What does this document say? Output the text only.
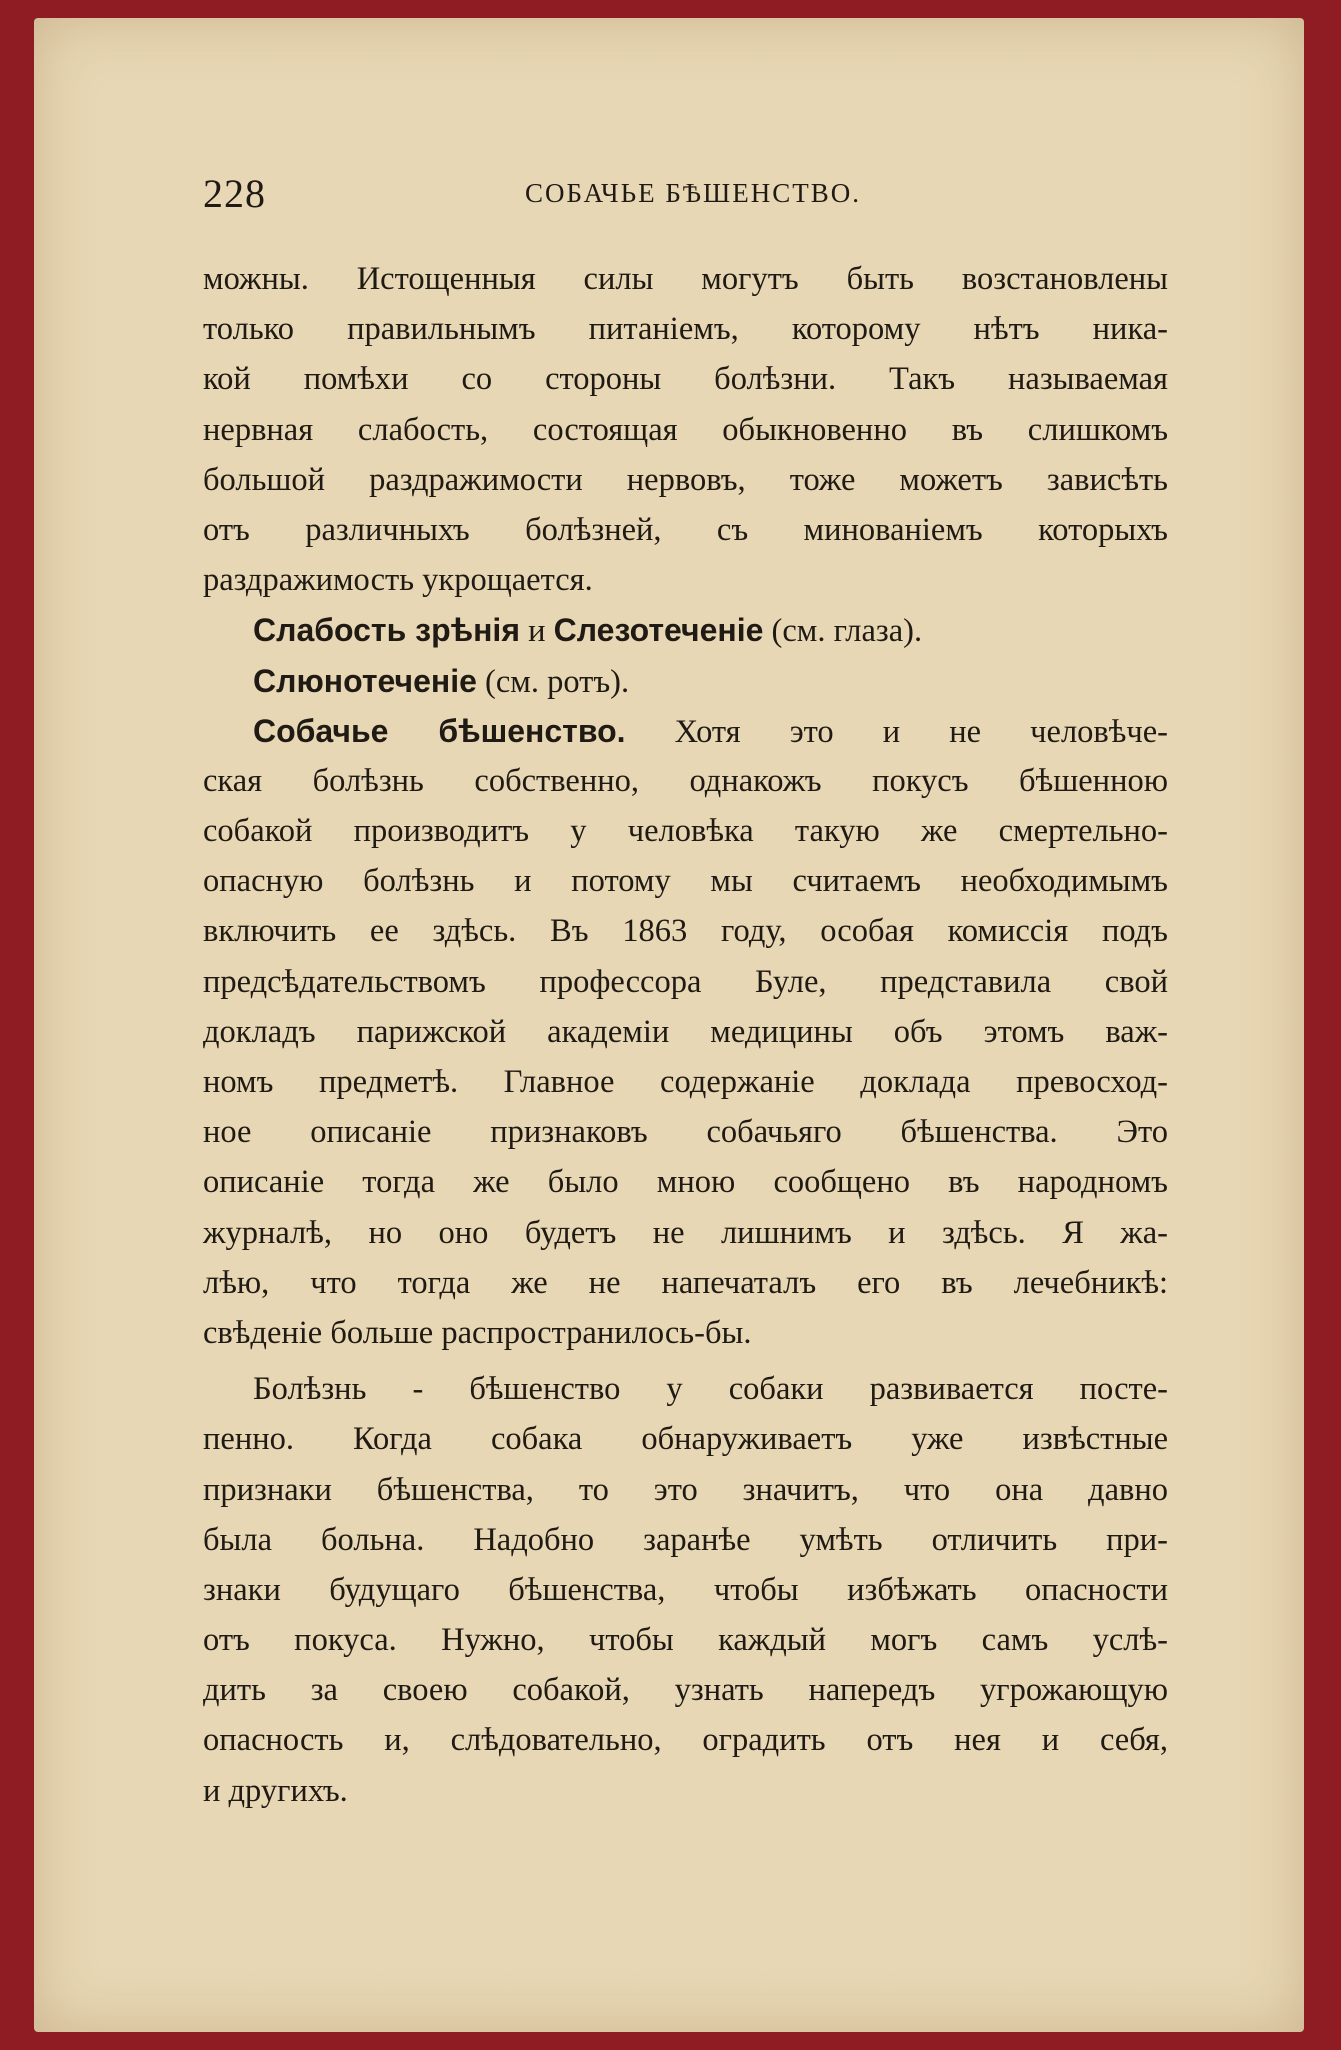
228	СОБАЧЬЕ БѢШЕНСТВО.
можны. Истощенныя силы могутъ быть возстановлены
только правильнымъ питаніемъ, которому нѣтъ ника-
кой помѣхи со стороны болѣзни. Такъ называемая
нервная слабость, состоящая обыкновенно въ слишкомъ
большой раздражимости нервовъ, тоже можетъ зависѣть
отъ различныхъ болѣзней, съ минованіемъ которыхъ
раздражимость укрощается.
Слабость зрѣнія и Слезотеченіе (см. глаза).
Слюнотеченіе (см. ротъ).
Собачье бѣшенство. Хотя это и не человѣче-
ская болѣзнь собственно, однакожъ покусъ бѣшенною
собакой производитъ у человѣка такую же смертельно-
опасную болѣзнь и потому мы считаемъ необходимымъ
включить ее здѣсь. Въ 1863 году, особая комиссія подъ
предсѣдательствомъ профессора Буле, представила свой
докладъ парижской академіи медицины объ этомъ важ-
номъ предметѣ. Главное содержаніе доклада превосход-
ное описаніе признаковъ собачьяго бѣшенства. Это
описаніе тогда же было мною сообщено въ народномъ
журналѣ, но оно будетъ не лишнимъ и здѣсь. Я жа-
лѣю, что тогда же не напечаталъ его въ лечебникѣ:
свѣденіе больше распространилось-бы.
Болѣзнь - бѣшенство у собаки развивается посте-
пенно. Когда собака обнаруживаетъ уже извѣстные
признаки бѣшенства, то это значитъ, что она давно
была больна. Надобно заранѣе умѣть отличить при-
знаки будущаго бѣшенства, чтобы избѣжать опасности
отъ покуса. Нужно, чтобы каждый могъ самъ услѣ-
дить за своею собакой, узнать напередъ угрожающую
опасность и, слѣдовательно, оградить отъ нея и себя,
и другихъ.
